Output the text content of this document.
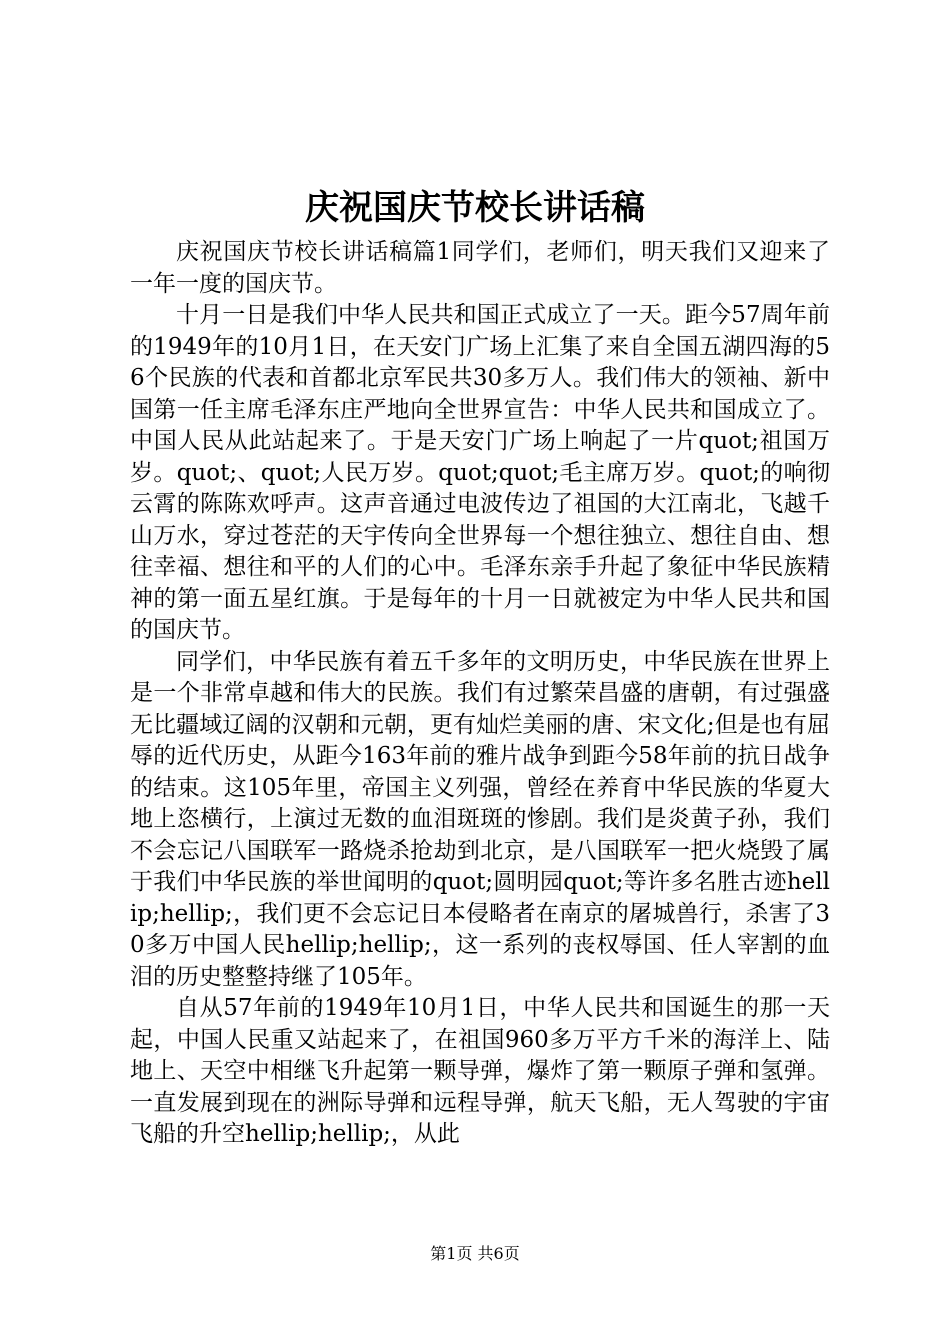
庆祝国庆节校长讲话稿

庆祝国庆节校长讲话稿篇1同学们，老师们，明天我们又迎来了一年一度的国庆节。

十月一日是我们中华人民共和国正式成立了一天。距今57周年前的1949年的10月1日，在天安门广场上汇集了来自全国五湖四海的56个民族的代表和首都北京军民共30多万人。我们伟大的领袖、新中国第一任主席毛泽东庄严地向全世界宣告：中华人民共和国成立了。中国人民从此站起来了。于是天安门广场上响起了一片quot;祖国万岁。quot;、quot;人民万岁。quot;quot;毛主席万岁。quot;的响彻云霄的陈陈欢呼声。这声音通过电波传边了祖国的大江南北，飞越千山万水，穿过苍茫的天宇传向全世界每一个想往独立、想往自由、想往幸福、想往和平的人们的心中。毛泽东亲手升起了象征中华民族精神的第一面五星红旗。于是每年的十月一日就被定为中华人民共和国的国庆节。

同学们，中华民族有着五千多年的文明历史，中华民族在世界上是一个非常卓越和伟大的民族。我们有过繁荣昌盛的唐朝，有过强盛无比疆域辽阔的汉朝和元朝，更有灿烂美丽的唐、宋文化;但是也有屈辱的近代历史，从距今163年前的雅片战争到距今58年前的抗日战争的结束。这105年里，帝国主义列强，曾经在养育中华民族的华夏大地上恣横行，上演过无数的血泪斑斑的惨剧。我们是炎黄子孙，我们不会忘记八国联军一路烧杀抢劫到北京，是八国联军一把火烧毁了属于我们中华民族的举世闻明的quot;圆明园quot;等许多名胜古迹hellip;hellip;，我们更不会忘记日本侵略者在南京的屠城兽行，杀害了30多万中国人民hellip;hellip;，这一系列的丧权辱国、任人宰割的血泪的历史整整持继了105年。

自从57年前的1949年10月1日，中华人民共和国诞生的那一天起，中国人民重又站起来了，在祖国960多万平方千米的海洋上、陆地上、天空中相继飞升起第一颗导弹，爆炸了第一颗原子弹和氢弹。一直发展到现在的洲际导弹和远程导弹，航天飞船，无人驾驶的宇宙飞船的升空hellip;hellip;，从此

第1页 共6页
